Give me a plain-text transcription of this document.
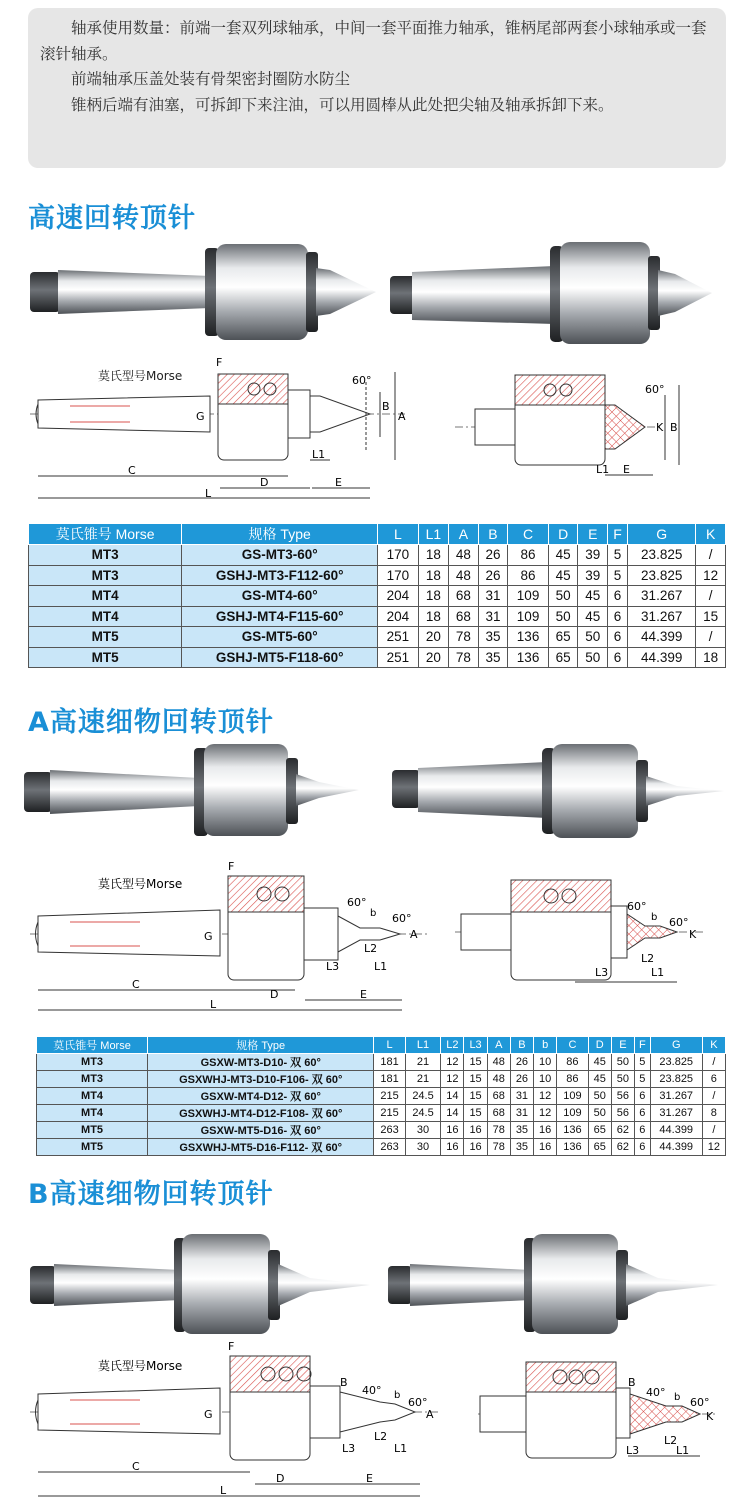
轴承使用数量：前端一套双列球轴承，中间一套平面推力轴承，锥柄尾部两套小球轴承或一套滚针轴承。

前端轴承压盖处装有骨架密封圈防水防尘

锥柄后端有油塞，可拆卸下来注油，可以用圆棒从此处把尖轴及轴承拆卸下来。

高速回转顶针
莫氏型号Morse
F
G
B
A
60°
L1
C
D	E
L
60°
K B
L1 E
莫氏锥号 Morse	规格 Type	L	L1	A	B	C	D	E	F	G	K
MT3	GS-MT3-60°	170	18	48	26	86	45	39	5	23.825	/
MT3	GSHJ-MT3-F112-60°	170	18	48	26	86	45	39	5	23.825	12
MT4	GS-MT4-60°	204	18	68	31	109	50	45	6	31.267	/
MT4	GSHJ-MT4-F115-60°	204	18	68	31	109	50	45	6	31.267	15
MT5	GS-MT5-60°	251	20	78	35	136	65	50	6	44.399	/
MT5	GSHJ-MT5-F118-60°	251	20	78	35	136	65	50	6	44.399	18
A高速细物回转顶针
莫氏型号Morse
F
G
60°
60°
b
A
L2
L3	L1
C
D	E
L
60°
60°
b
K
L2
L3	L1
莫氏锥号 Morse	规格 Type	L	L1	L2	L3	A	B	b	C	D	E	F	G	K
MT3	GSXW-MT3-D10- 双 60°	181	21	12	15	48	26	10	86	45	50	5	23.825	/
MT3	GSXWHJ-MT3-D10-F106- 双 60°	181	21	12	15	48	26	10	86	45	50	5	23.825	6
MT4	GSXW-MT4-D12- 双 60°	215	24.5	14	15	68	31	12	109	50	56	6	31.267	/
MT4	GSXWHJ-MT4-D12-F108- 双 60°	215	24.5	14	15	68	31	12	109	50	56	6	31.267	8
MT5	GSXW-MT5-D16- 双 60°	263	30	16	16	78	35	16	136	65	62	6	44.399	/
MT5	GSXWHJ-MT5-D16-F112- 双 60°	263	30	16	16	78	35	16	136	65	62	6	44.399	12
B高速细物回转顶针
莫氏型号Morse
F
G
B
40° b
60°
A
L2
L3	L1
C
D	E
L
B
40° b 60°
K
L2
L3	L1
